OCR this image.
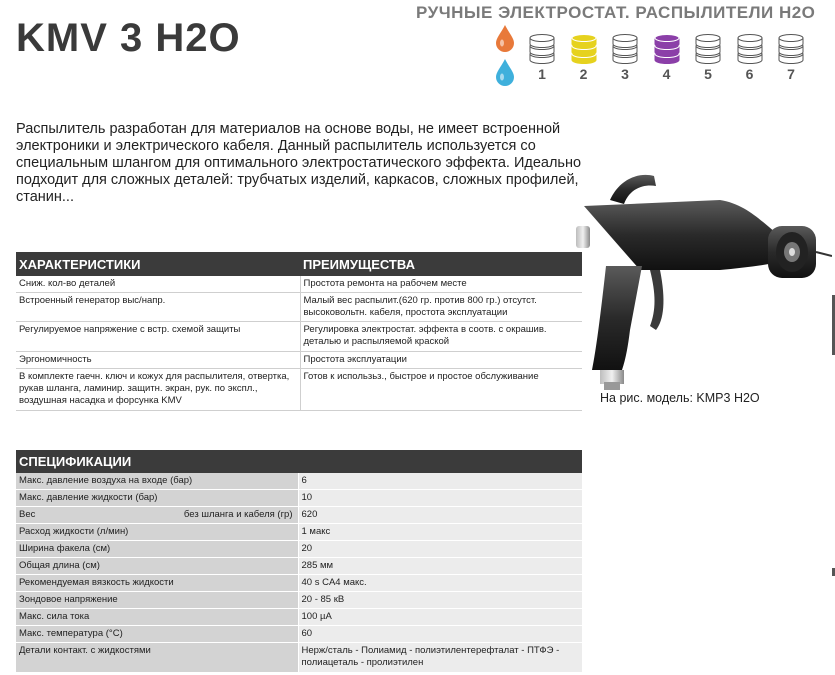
KMV 3 H2O
РУЧНЫЕ ЭЛЕКТРОСТАТ. РАСПЫЛИТЕЛИ H2O
1	2	3	4	5	6	7
Распылитель разработан для материалов на основе воды, не имеет встроенной электроники и электрического кабеля. Данный распылитель используется со специальным шлангом для оптимального электростатического эффекта. Идеально подходит для сложных деталей: трубчатых изделий, каркасов, сложных профилей, станин...
На рис. модель: KMP3 H2O
ХАРАКТЕРИСТИКИ	ПРЕИМУЩЕСТВА
Сниж. кол-во деталей	Простота ремонта на рабочем месте
Встроенный генератор выс/напр.	Малый вес распылит.(620 гр. против 800 гр.) отсутст. высоковольтн. кабеля, простота эксплуатации
Регулируемое напряжение с встр. схемой защиты	Регулировка электростат. эффекта в соотв. с окрашив. деталью и распыляемой краской
Эргономичность	Простота эксплуатации
В комплекте гаечн. ключ и кожух для распылителя, отвертка, рукав шланга, ламинир. защитн. экран, рук. по экспл., воздушная насадка и форсунка KMV	Готов к использьз., быстрое и простое обслуживание
СПЕЦИФИКАЦИИ	
Макс. давление воздуха на входе (бар)	6
Макс. давление жидкости (бар)	10
Вес без шланга и кабеля (гр)	620
Расход жидкости (л/мин)	1 макс
Ширина факела (см)	20
Общая длина (см)	285 мм
Рекомендуемая вязкость жидкости	40 s CA4 макс.
Зондовое напряжение	20 - 85 кВ
Макс. сила тока	100 µA
Макс. температура (°C)	60
Детали контакт. с жидкостями	Нерж/сталь - Полиамид - полиэтилентерефталат - ПТФЭ - полиацеталь - пролиэтилен
